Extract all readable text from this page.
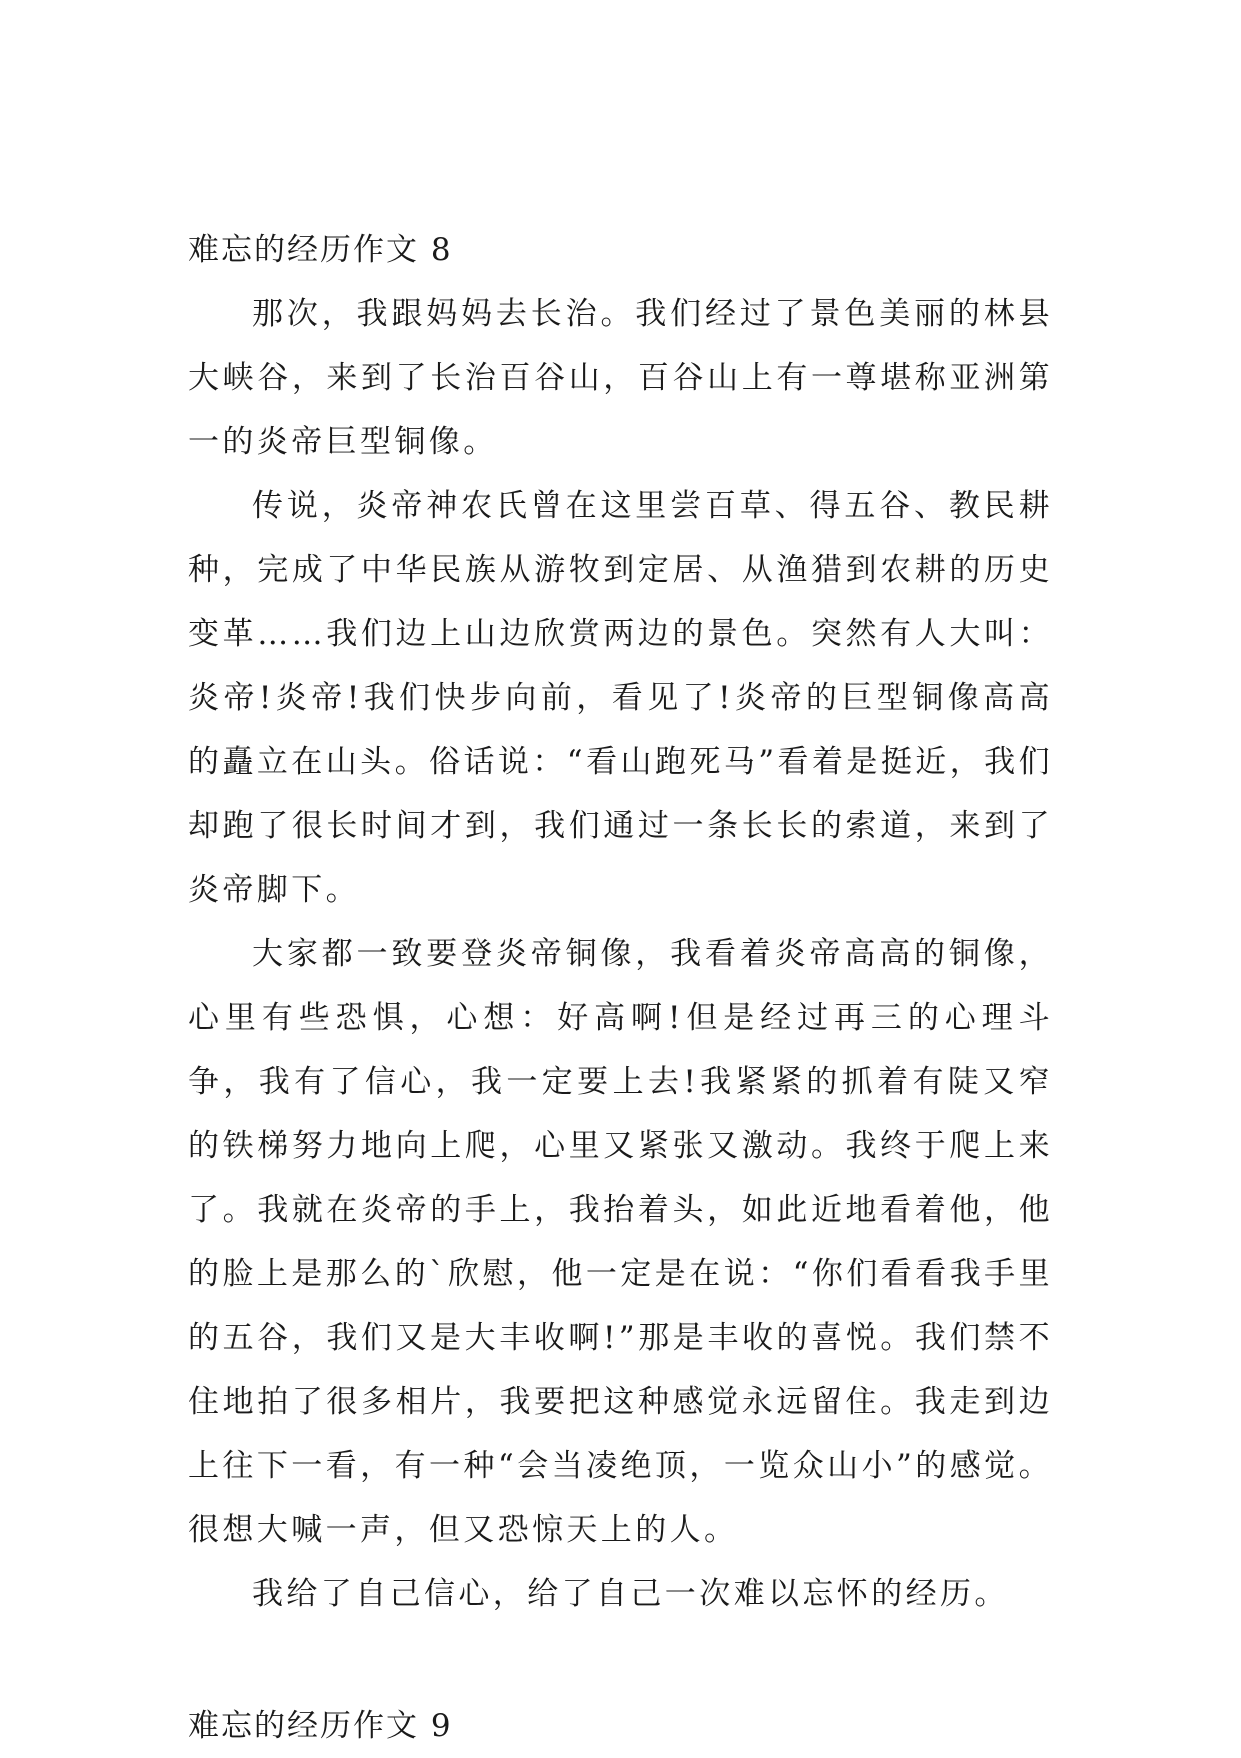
难忘的经历作文 8

那次，我跟妈妈去长治。我们经过了景色美丽的林县大峡谷，来到了长治百谷山，百谷山上有一尊堪称亚洲第一的炎帝巨型铜像。

传说，炎帝神农氏曾在这里尝百草、得五谷、教民耕种，完成了中华民族从游牧到定居、从渔猎到农耕的历史变革……我们边上山边欣赏两边的景色。突然有人大叫：炎帝!炎帝!我们快步向前，看见了!炎帝的巨型铜像高高的矗立在山头。俗话说：“看山跑死马”看着是挺近，我们却跑了很长时间才到，我们通过一条长长的索道，来到了炎帝脚下。

大家都一致要登炎帝铜像，我看着炎帝高高的铜像，心里有些恐惧，心想：好高啊!但是经过再三的心理斗争，我有了信心，我一定要上去!我紧紧的抓着有陡又窄的铁梯努力地向上爬，心里又紧张又激动。我终于爬上来了。我就在炎帝的手上，我抬着头，如此近地看着他，他的脸上是那么的`欣慰，他一定是在说：“你们看看我手里的五谷，我们又是大丰收啊!”那是丰收的喜悦。我们禁不住地拍了很多相片，我要把这种感觉永远留住。我走到边上往下一看，有一种“会当凌绝顶，一览众山小”的感觉。很想大喊一声，但又恐惊天上的人。

我给了自己信心，给了自己一次难以忘怀的经历。

难忘的经历作文 9
